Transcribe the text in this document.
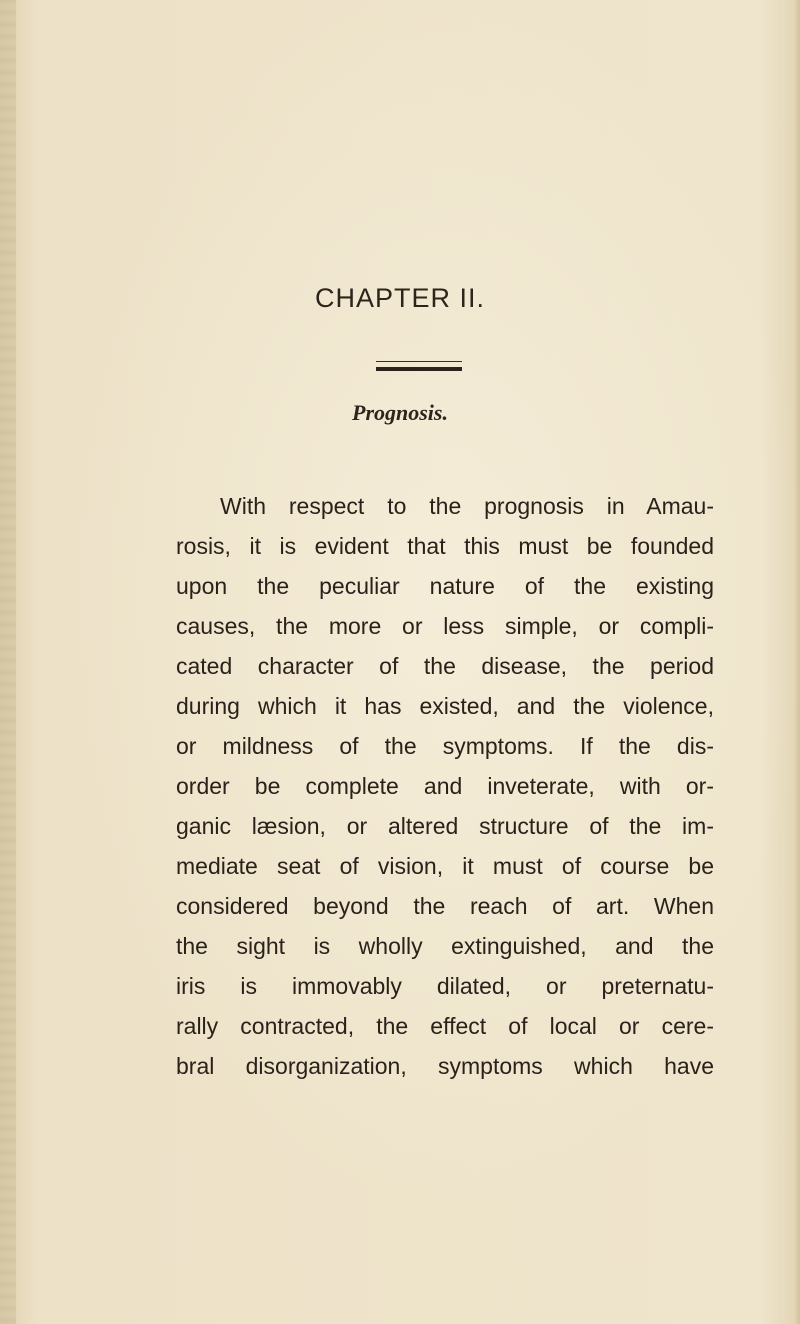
CHAPTER II.
Prognosis.
With respect to the prognosis in Amau-
rosis, it is evident that this must be founded
upon the peculiar nature of the existing
causes, the more or less simple, or compli-
cated character of the disease, the period
during which it has existed, and the violence,
or mildness of the symptoms. If the dis-
order be complete and inveterate, with or-
ganic læsion, or altered structure of the im-
mediate seat of vision, it must of course be
considered beyond the reach of art. When
the sight is wholly extinguished, and the
iris is immovably dilated, or preternatu-
rally contracted, the effect of local or cere-
bral disorganization, symptoms which have
